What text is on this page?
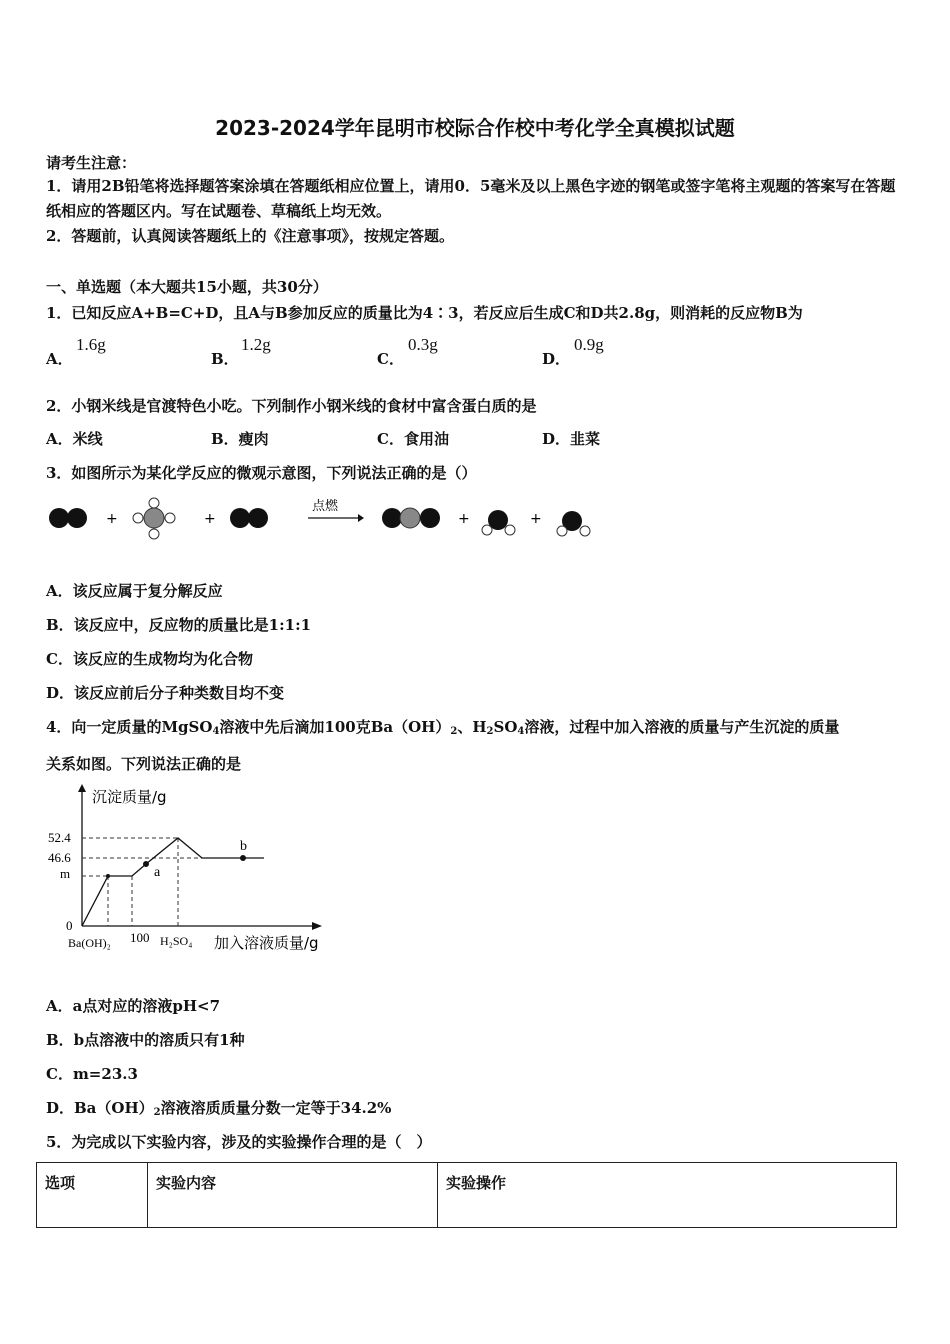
2023-2024学年昆明市校际合作校中考化学全真模拟试题
请考生注意：
1．请用2B铅笔将选择题答案涂填在答题纸相应位置上，请用0．5毫米及以上黑色字迹的钢笔或签字笔将主观题的答案写在答题纸相应的答题区内。写在试题卷、草稿纸上均无效。
2．答题前，认真阅读答题纸上的《注意事项》，按规定答题。
一、单选题（本大题共15小题，共30分）
1．已知反应A+B=C+D，且A与B参加反应的质量比为4∶3，若反应后生成C和D共2.8g，则消耗的反应物B为
A．
1.6g
B．
1.2g
C．
0.3g
D．
0.9g
2．小钢米线是官渡特色小吃。下列制作小钢米线的食材中富含蛋白质的是
A．米线	B．瘦肉	C．食用油	D．韭菜
3．如图所示为某化学反应的微观示意图，下列说法正确的是（）
+	+
点燃
+	+
A．该反应属于复分解反应
B．该反应中，反应物的质量比是1:1:1
C．该反应的生成物均为化合物
D．该反应前后分子种类数目均不变
4．向一定质量的MgSO$_4$溶液中先后滴加100克$Ba(OH)_2$、$H_2SO_4$溶液，过程中加入溶液的质量与产生沉淀的质量
关系如图。下列说法正确的是
沉淀质量/g
加入溶液质量/g
52.4
46.6
m
0
Ba(OH)₂ 100 H₂SO₄
a
b
A．a点对应的溶液pH<7
B．b点溶液中的溶质只有1种
C．m=23.3
D．$Ba(OH)_2$溶液溶质质量分数一定等于34.2%
5．为完成以下实验内容，涉及的实验操作合理的是（　）
选项	实验内容	实验操作
